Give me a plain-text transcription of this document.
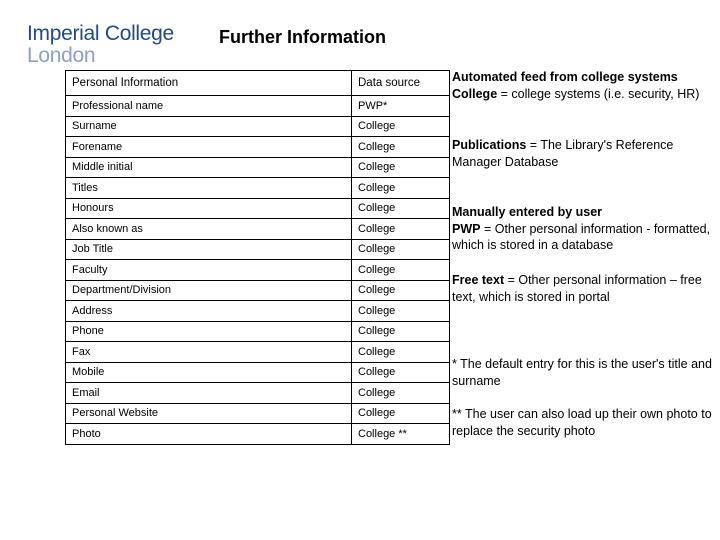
Imperial College
London
Further Information
Personal Information	Data source
Professional name	PWP*
Surname	College
Forename	College
Middle initial	College
Titles	College
Honours	College
Also known as	College
Job Title	College
Faculty	College
Department/Division	College
Address	College
Phone	College
Fax	College
Mobile	College
Email	College
Personal Website	College
Photo	College **
Automated feed from college systems
College = college systems (i.e. security, HR)
Publications = The Library's Reference Manager Database
Manually entered by user
PWP = Other personal information - formatted, which is stored in a database
Free text = Other personal information – free text, which is stored in portal
* The default entry for this is the user's title and surname
** The user can also load up their own photo to replace the security photo
